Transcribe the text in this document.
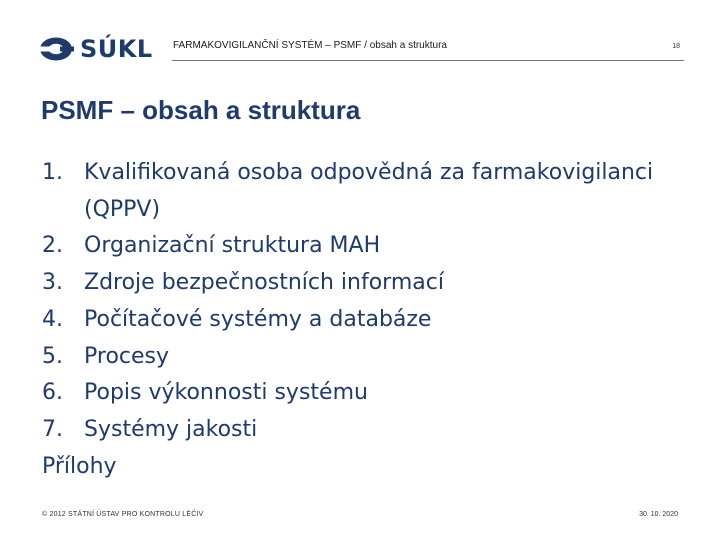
SÚKL FARMAKOVIGILANČNÍ SYSTÉM – PSMF / obsah a struktura	18
PSMF – obsah a struktura
1. Kvalifikovaná osoba odpovědná za farmakovigilanci (QPPV)
2. Organizační struktura MAH
3. Zdroje bezpečnostních informací
4. Počítačové systémy a databáze
5. Procesy
6. Popis výkonnosti systému
7. Systémy jakosti
Přílohy
© 2012 STÁTNÍ ÚSTAV PRO KONTROLU LÉČIV	30. 10. 2020
